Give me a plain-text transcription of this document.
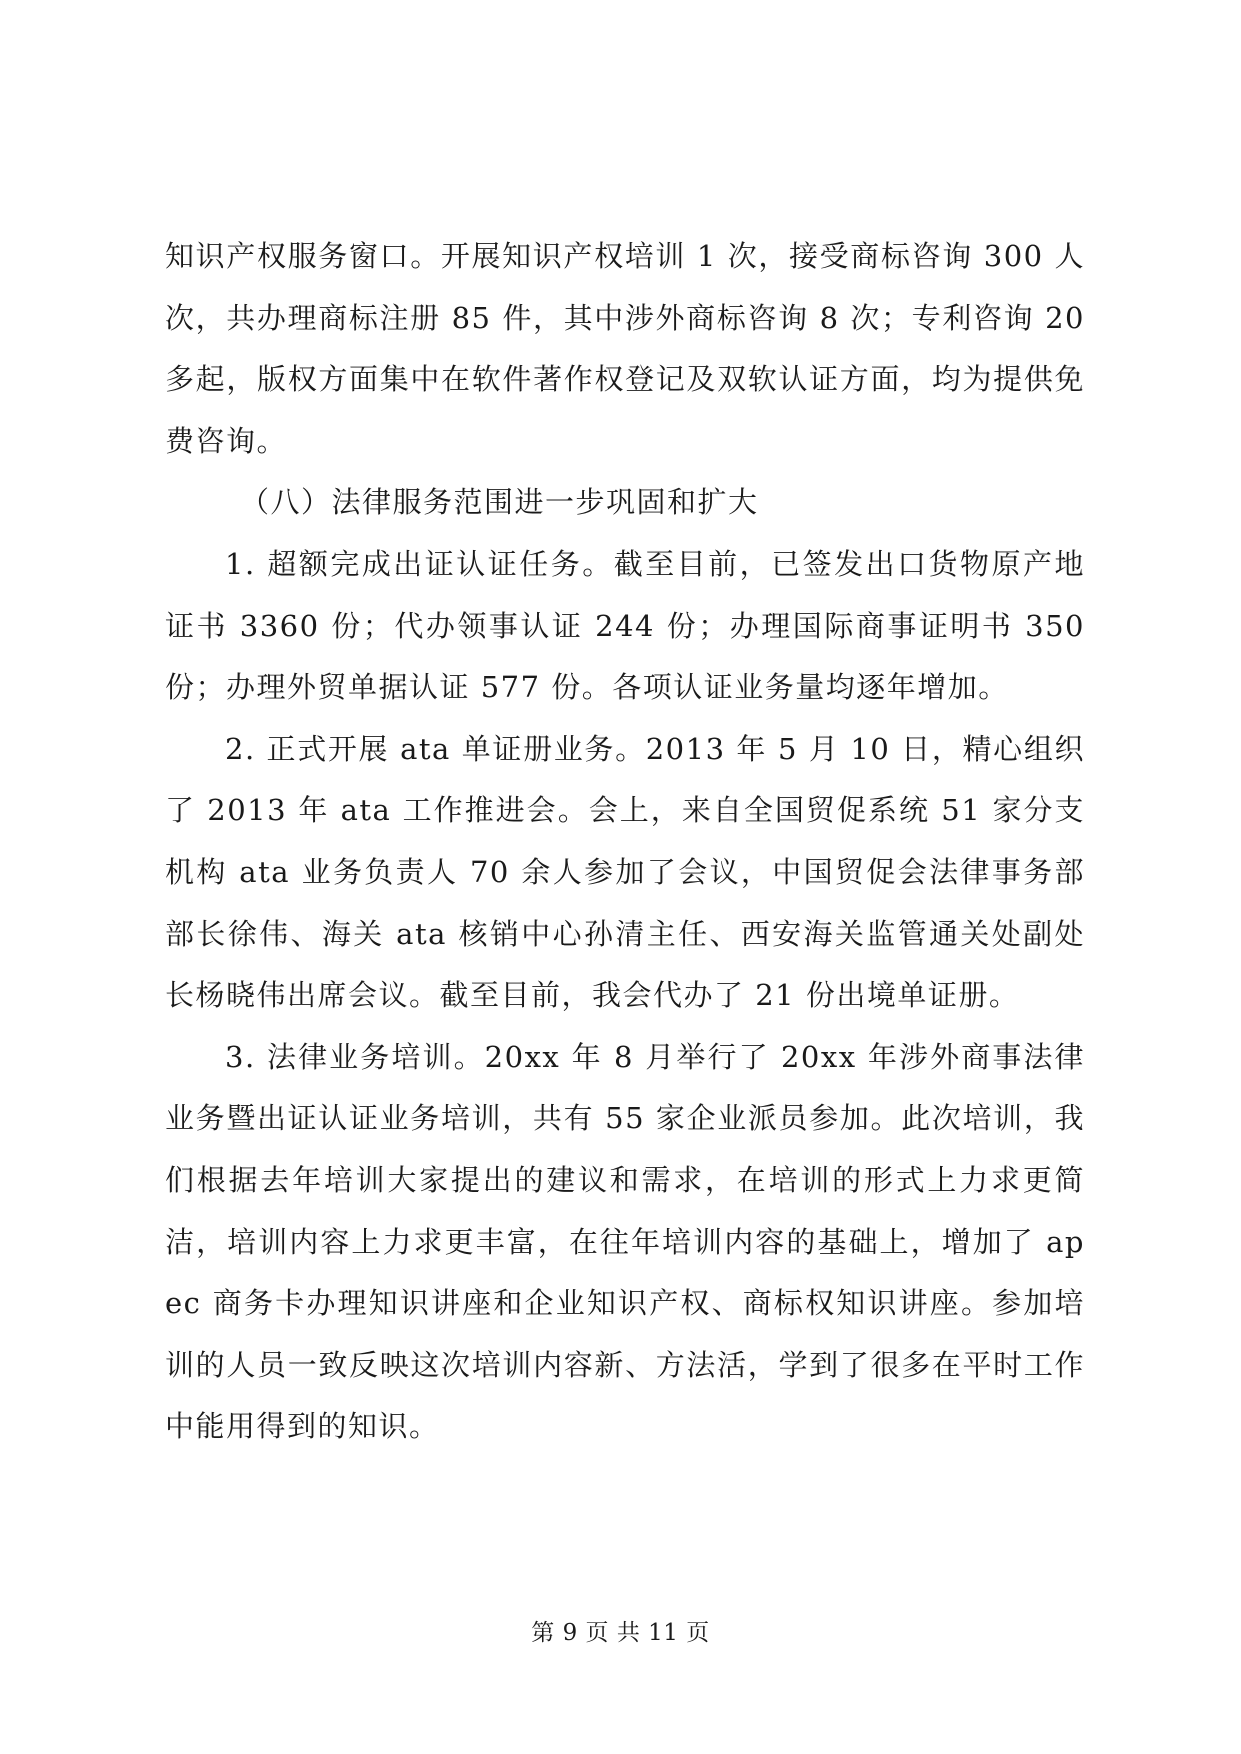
知识产权服务窗口。开展知识产权培训 1 次，接受商标咨询 300 人次，共办理商标注册 85 件，其中涉外商标咨询 8 次；专利咨询 20 多起，版权方面集中在软件著作权登记及双软认证方面，均为提供免费咨询。

（八）法律服务范围进一步巩固和扩大

1. 超额完成出证认证任务。截至目前，已签发出口货物原产地证书 3360 份；代办领事认证 244 份；办理国际商事证明书 350 份；办理外贸单据认证 577 份。各项认证业务量均逐年增加。

2. 正式开展 ata 单证册业务。2013 年 5 月 10 日，精心组织了 2013 年 ata 工作推进会。会上，来自全国贸促系统 51 家分支机构 ata 业务负责人 70 余人参加了会议，中国贸促会法律事务部部长徐伟、海关 ata 核销中心孙清主任、西安海关监管通关处副处长杨晓伟出席会议。截至目前，我会代办了 21 份出境单证册。

3. 法律业务培训。20xx 年 8 月举行了 20xx 年涉外商事法律业务暨出证认证业务培训，共有 55 家企业派员参加。此次培训，我们根据去年培训大家提出的建议和需求，在培训的形式上力求更简洁，培训内容上力求更丰富，在往年培训内容的基础上，增加了 apec 商务卡办理知识讲座和企业知识产权、商标权知识讲座。参加培训的人员一致反映这次培训内容新、方法活，学到了很多在平时工作中能用得到的知识。

第 9 页 共 11 页
